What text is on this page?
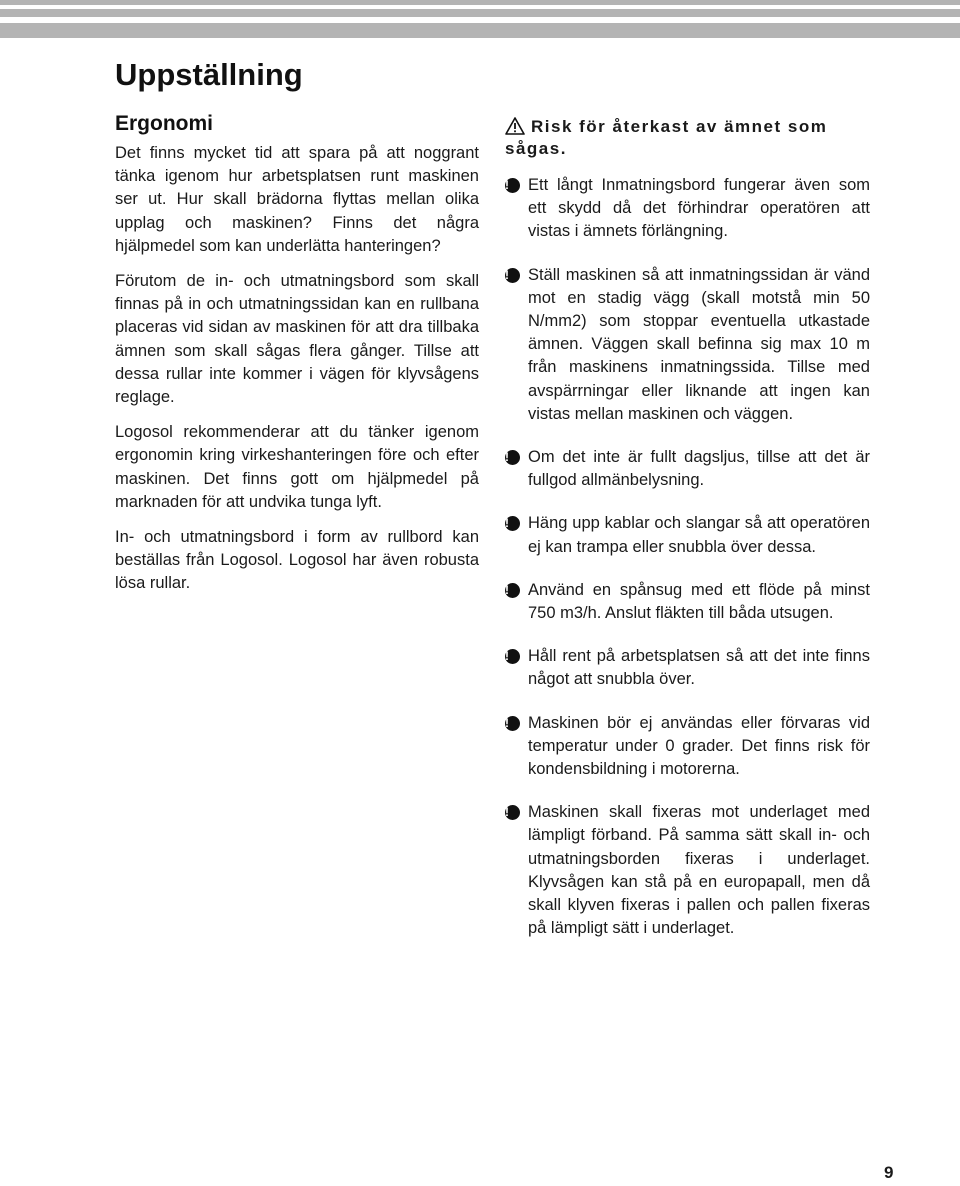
Uppställning
Ergonomi

Det finns mycket tid att spara på att noggrant tänka igenom hur arbetsplatsen runt maskinen ser ut. Hur skall brädorna flyttas mellan olika upplag och maskinen? Finns det några hjälpmedel som kan underlätta hanteringen?

Förutom de in- och utmatningsbord som skall finnas på in och utmatningssidan kan en rullbana placeras vid sidan av maskinen för att dra tillbaka ämnen som skall sågas flera gånger. Tillse att dessa rullar inte kommer i vägen för klyvsågens reglage.

Logosol rekommenderar att du tänker igenom ergonomin kring virkeshanteringen före och efter maskinen. Det finns gott om hjälpmedel på marknaden för att undvika tunga lyft.

In- och utmatningsbord i form av rullbord kan beställas från Logosol. Logosol har även robusta lösa rullar.

Risk för återkast av ämnet som sågas.

!	Ett långt Inmatningsbord fungerar även som ett skydd då det förhindrar operatören att vistas i ämnets förlängning.
!	Ställ maskinen så att inmatningssidan är vänd mot en stadig vägg (skall motstå min 50 N/mm2) som stoppar eventuella utkastade ämnen. Väggen skall befinna sig max 10 m från maskinens inmatningssida. Tillse med avspärrningar eller liknande att ingen kan vistas mellan maskinen och väggen.
!	Om det inte är fullt dagsljus, tillse att det är fullgod allmänbelysning.
!	Häng upp kablar och slangar så att operatören ej kan trampa eller snubbla över dessa.
!	Använd en spånsug med ett flöde på minst 750 m3/h. Anslut fläkten till båda utsugen.
!	Håll rent på arbetsplatsen så att det inte finns något att snubbla över.
!	Maskinen bör ej användas eller förvaras vid temperatur under 0 grader. Det finns risk för kondensbildning i motorerna.
!	Maskinen skall fixeras mot underlaget med lämpligt förband. På samma sätt skall in- och utmatningsborden fixeras i underlaget. Klyvsågen kan stå på en europapall, men då skall klyven fixeras i pallen och pallen fixeras på lämpligt sätt i underlaget.
9
